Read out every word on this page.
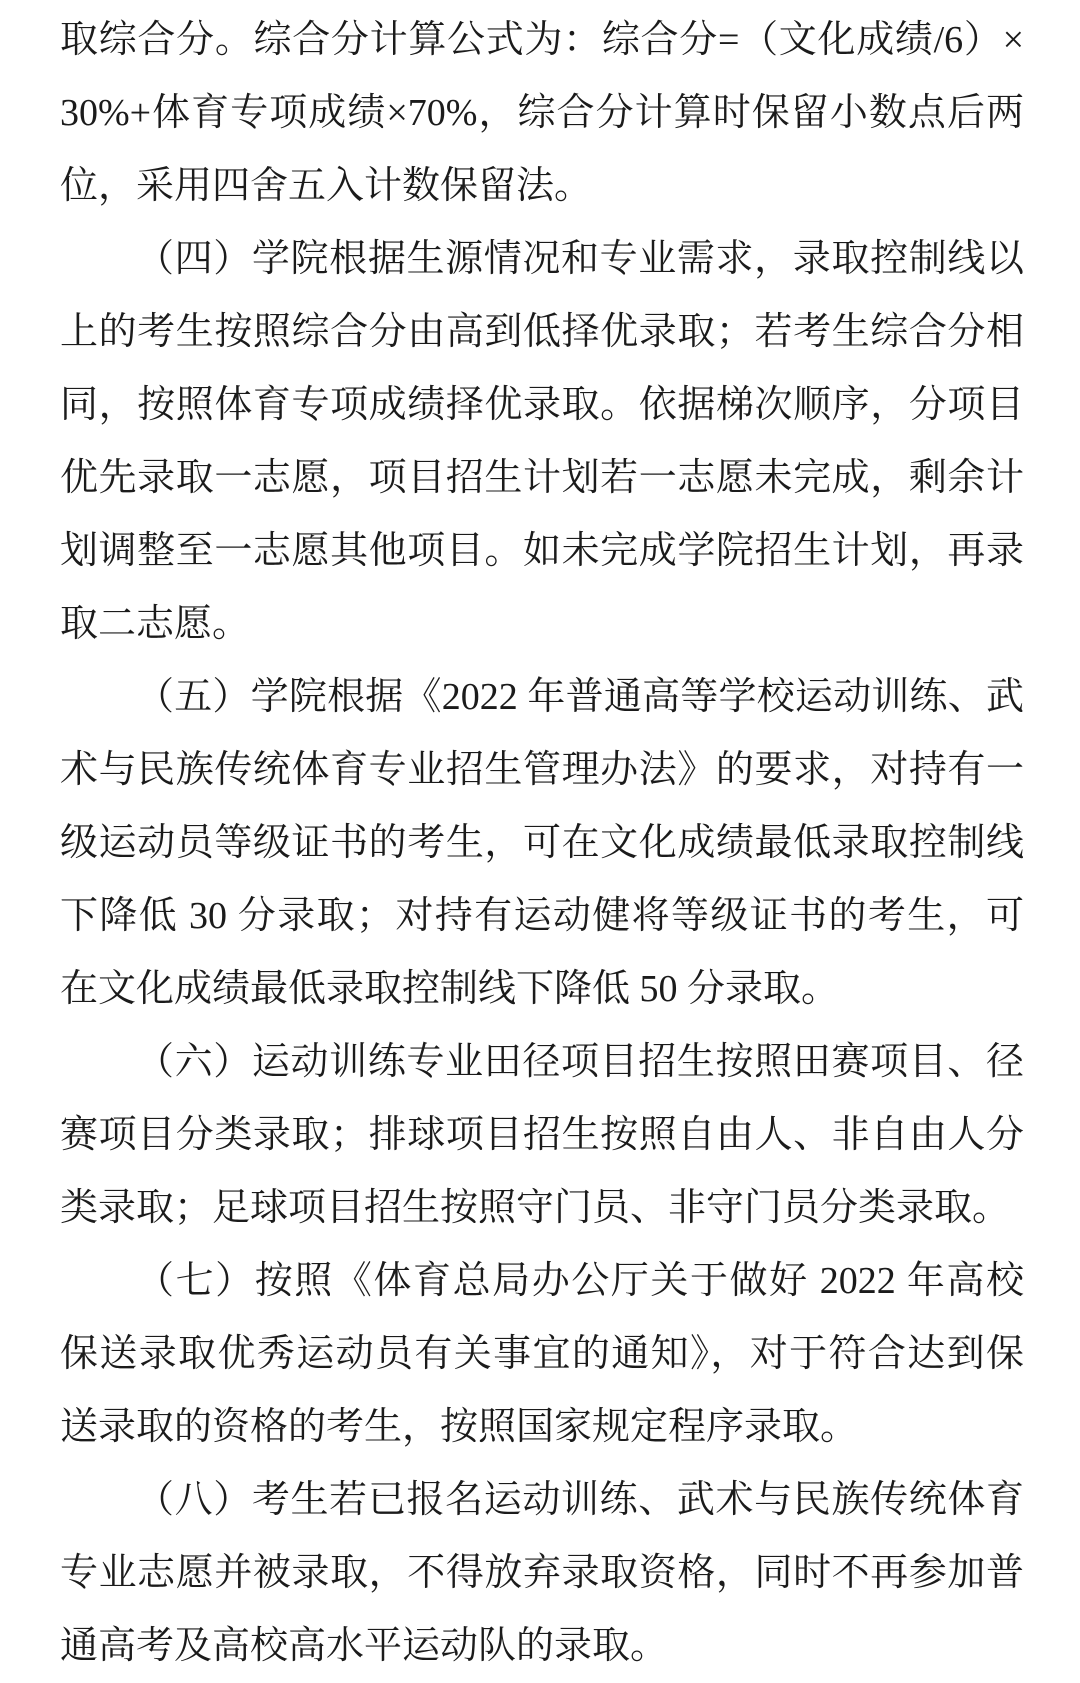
取综合分。综合分计算公式为：综合分=（文化成绩/6）×30%+体育专项成绩×70%，综合分计算时保留小数点后两位，采用四舍五入计数保留法。

（四）学院根据生源情况和专业需求，录取控制线以上的考生按照综合分由高到低择优录取；若考生综合分相同，按照体育专项成绩择优录取。依据梯次顺序，分项目优先录取一志愿，项目招生计划若一志愿未完成，剩余计划调整至一志愿其他项目。如未完成学院招生计划，再录取二志愿。

（五）学院根据《2022 年普通高等学校运动训练、武术与民族传统体育专业招生管理办法》的要求，对持有一级运动员等级证书的考生，可在文化成绩最低录取控制线下降低 30 分录取；对持有运动健将等级证书的考生，可在文化成绩最低录取控制线下降低 50 分录取。

（六）运动训练专业田径项目招生按照田赛项目、径赛项目分类录取；排球项目招生按照自由人、非自由人分类录取；足球项目招生按照守门员、非守门员分类录取。

（七）按照《体育总局办公厅关于做好 2022 年高校保送录取优秀运动员有关事宜的通知》，对于符合达到保送录取的资格的考生，按照国家规定程序录取。

（八）考生若已报名运动训练、武术与民族传统体育专业志愿并被录取，不得放弃录取资格，同时不再参加普通高考及高校高水平运动队的录取。
